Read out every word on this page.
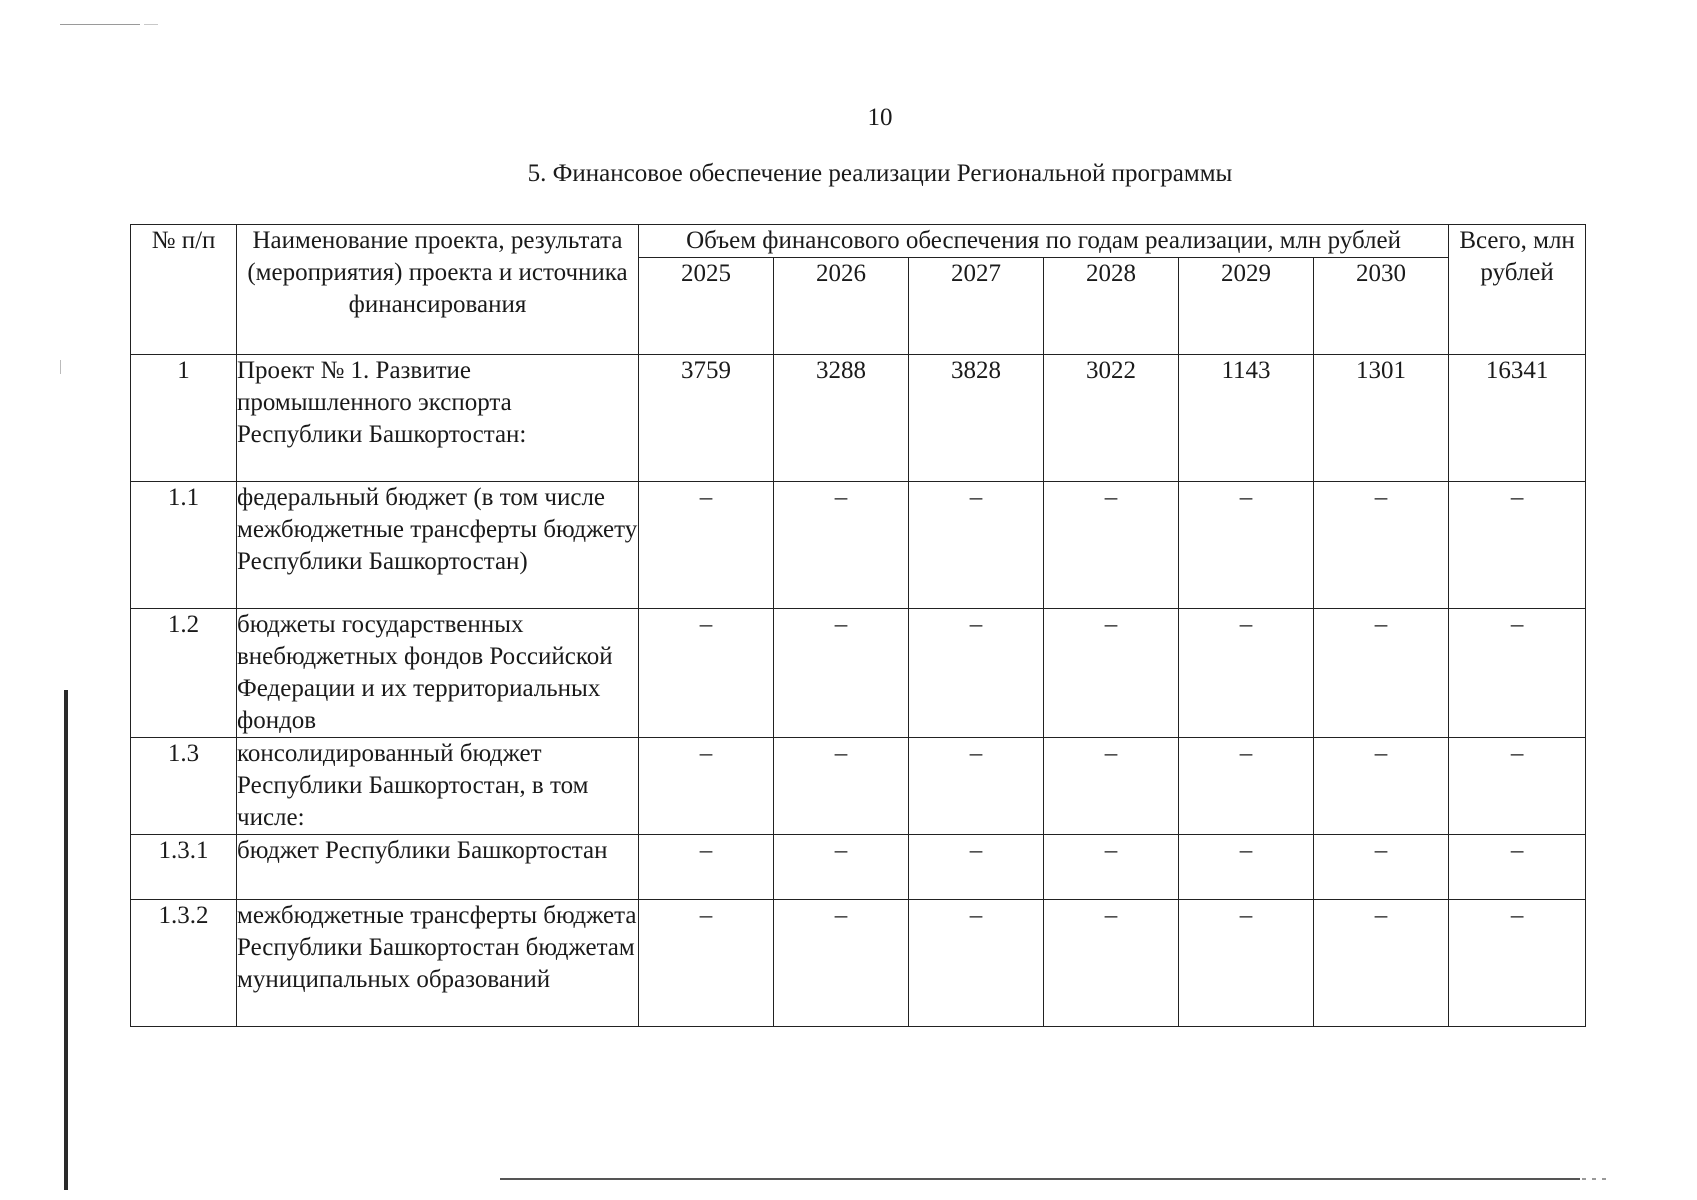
10
5. Финансовое обеспечение реализации Региональной программы
№ п/п	Наименование проекта, результата (мероприятия) проекта и источника финансирования	Объем финансового обеспечения по годам реализации, млн рублей						Всего, млн рублей
		2025	2026	2027	2028	2029	2030	
1	Проект № 1. Развитие промышленного экспорта Республики Башкортостан:	3759	3288	3828	3022	1143	1301	16341
1.1	федеральный бюджет (в том числе межбюджетные трансферты бюджету Республики Башкортостан)	–	–	–	–	–	–	–
1.2	бюджеты государственных внебюджетных фондов Российской Федерации и их территориальных фондов	–	–	–	–	–	–	–
1.3	консолидированный бюджет Республики Башкортостан, в том числе:	–	–	–	–	–	–	–
1.3.1	бюджет Республики Башкортостан	–	–	–	–	–	–	–
1.3.2	межбюджетные трансферты бюджета Республики Башкортостан бюджетам муниципальных образований	–	–	–	–	–	–	–
